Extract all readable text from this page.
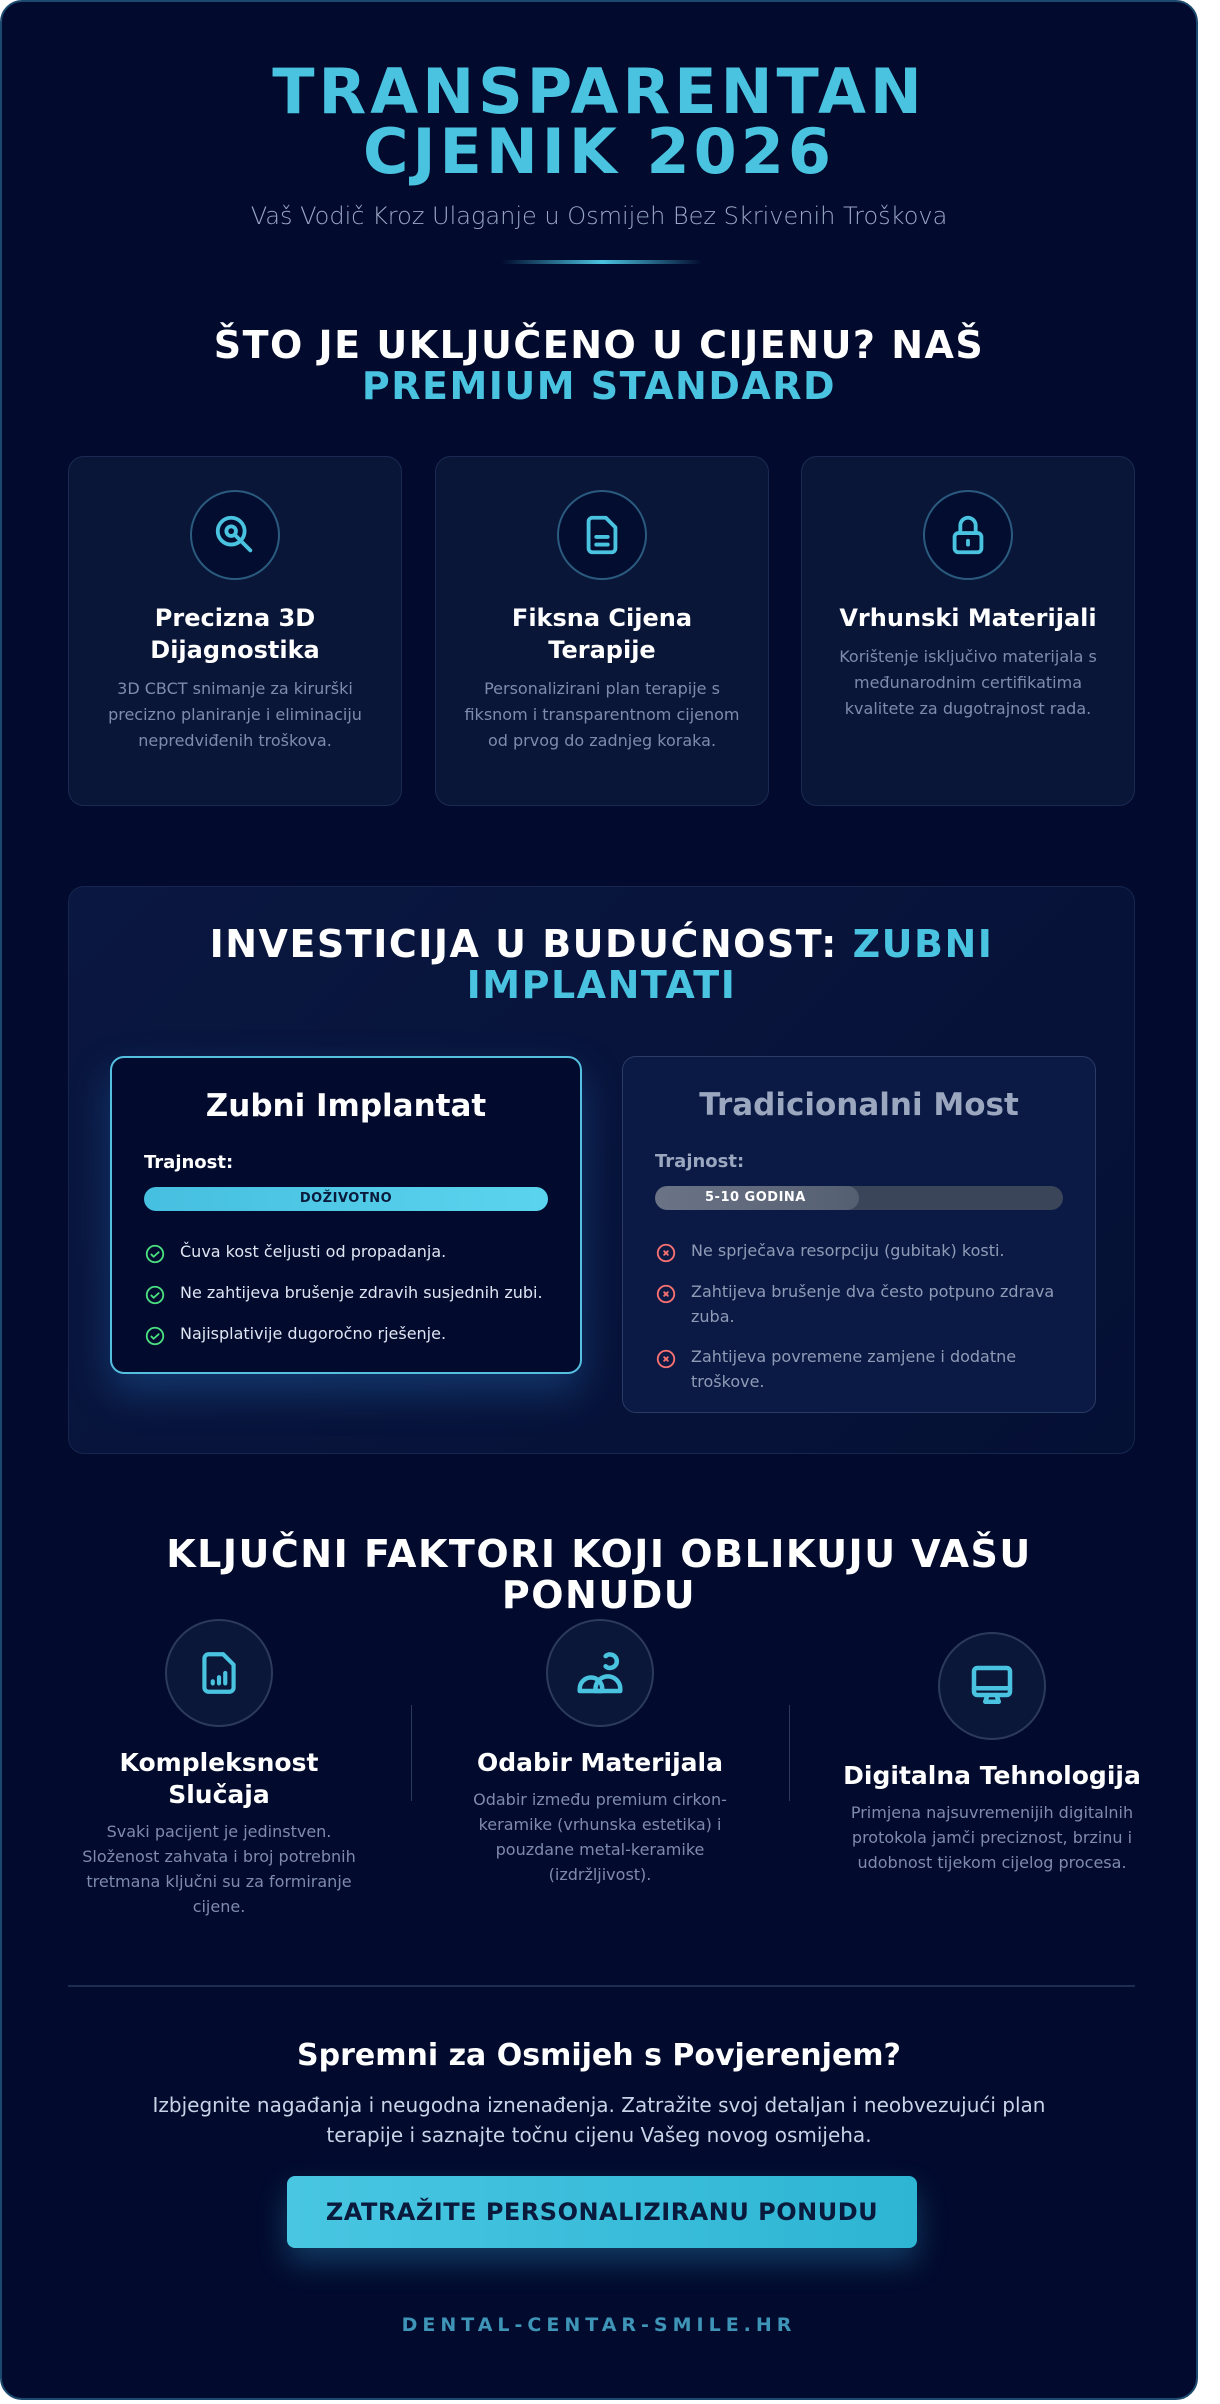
TRANSPARENTAN CJENIK 2026
Vaš Vodič Kroz Ulaganje u Osmijeh Bez Skrivenih Troškova
ŠTO JE UKLJUČENO U CIJENU? NAŠ PREMIUM STANDARD
Precizna 3D Dijagnostika
3D CBCT snimanje za kirurški precizno planiranje i eliminaciju nepredviđenih troškova.
Fiksna Cijena Terapije
Personalizirani plan terapije s fiksnom i transparentnom cijenom od prvog do zadnjeg koraka.
Vrhunski Materijali
Korištenje isključivo materijala s međunarodnim certifikatima kvalitete za dugotrajnost rada.
INVESTICIJA U BUDUĆNOST: ZUBNI IMPLANTATI
Zubni Implantat
Trajnost:
DOŽIVOTNO
Čuva kost čeljusti od propadanja.
Ne zahtijeva brušenje zdravih susjednih zubi.
Najisplativije dugoročno rješenje.
Tradicionalni Most
Trajnost:
5-10 GODINA
Ne sprječava resorpciju (gubitak) kosti.
Zahtijeva brušenje dva često potpuno zdrava zuba.
Zahtijeva povremene zamjene i dodatne troškove.
KLJUČNI FAKTORI KOJI OBLIKUJU VAŠU PONUDU
Kompleksnost Slučaja
Svaki pacijent je jedinstven. Složenost zahvata i broj potrebnih tretmana ključni su za formiranje cijene.
Odabir Materijala
Odabir između premium cirkon-keramike (vrhunska estetika) i pouzdane metal-keramike (izdržljivost).
Digitalna Tehnologija
Primjena najsuvremenijih digitalnih protokola jamči preciznost, brzinu i udobnost tijekom cijelog procesa.
Spremni za Osmijeh s Povjerenjem?
Izbjegnite nagađanja i neugodna iznenađenja. Zatražite svoj detaljan i neobvezujući plan terapije i saznajte točnu cijenu Vašeg novog osmijeha.
ZATRAŽITE PERSONALIZIRANU PONUDU
DENTAL-CENTAR-SMILE.HR
